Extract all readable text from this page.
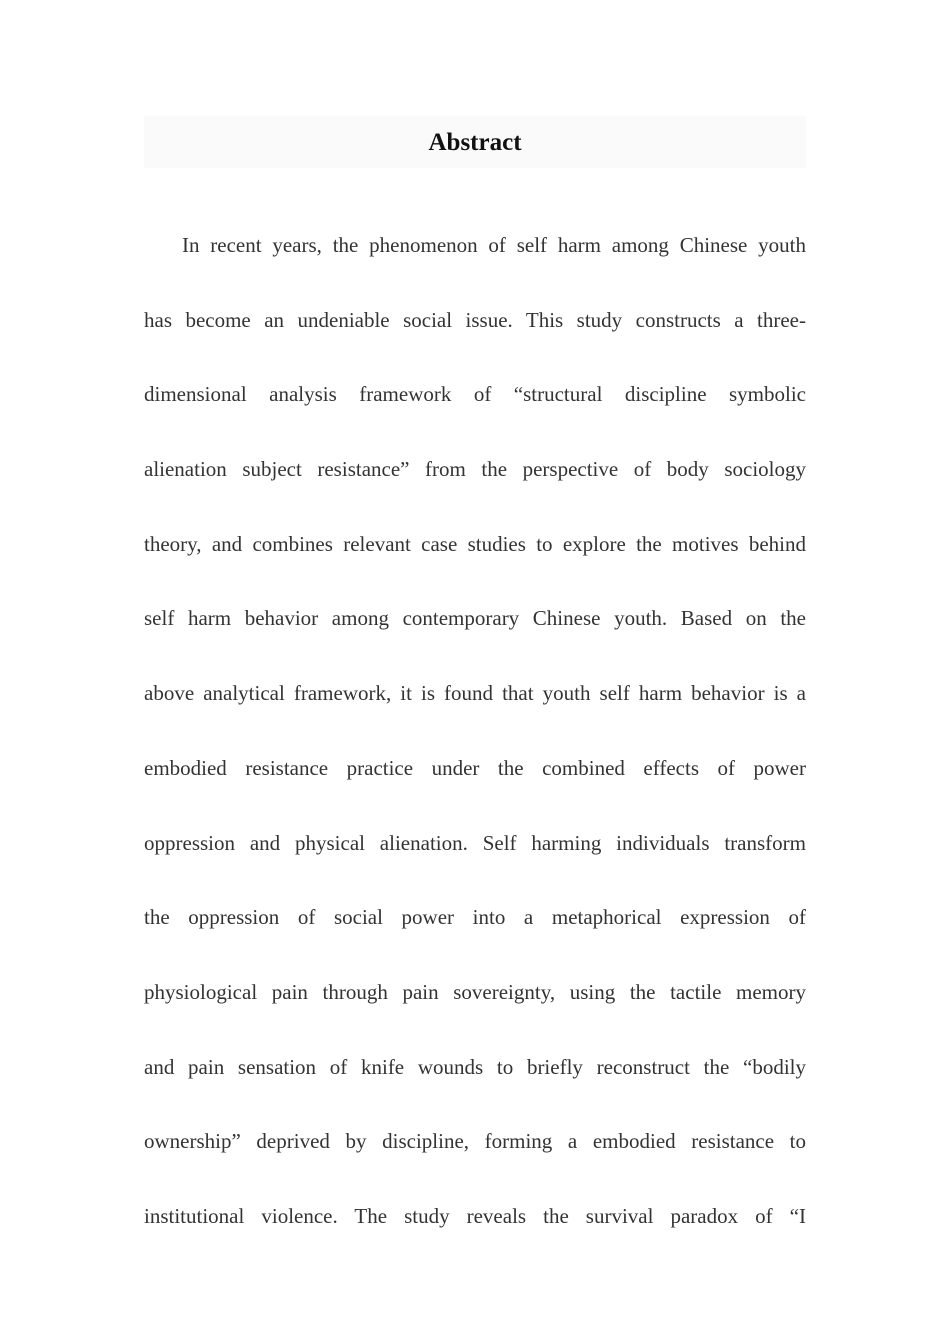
Abstract
In recent years, the phenomenon of self harm among Chinese youth
has become an undeniable social issue. This study constructs a three-
dimensional analysis framework of “structural discipline symbolic
alienation subject resistance” from the perspective of body sociology
theory, and combines relevant case studies to explore the motives behind
self harm behavior among contemporary Chinese youth. Based on the
above analytical framework, it is found that youth self harm behavior is a
embodied resistance practice under the combined effects of power
oppression and physical alienation. Self harming individuals transform
the oppression of social power into a metaphorical expression of
physiological pain through pain sovereignty, using the tactile memory
and pain sensation of knife wounds to briefly reconstruct the “bodily
ownership” deprived by discipline, forming a embodied resistance to
institutional violence. The study reveals the survival paradox of “I
